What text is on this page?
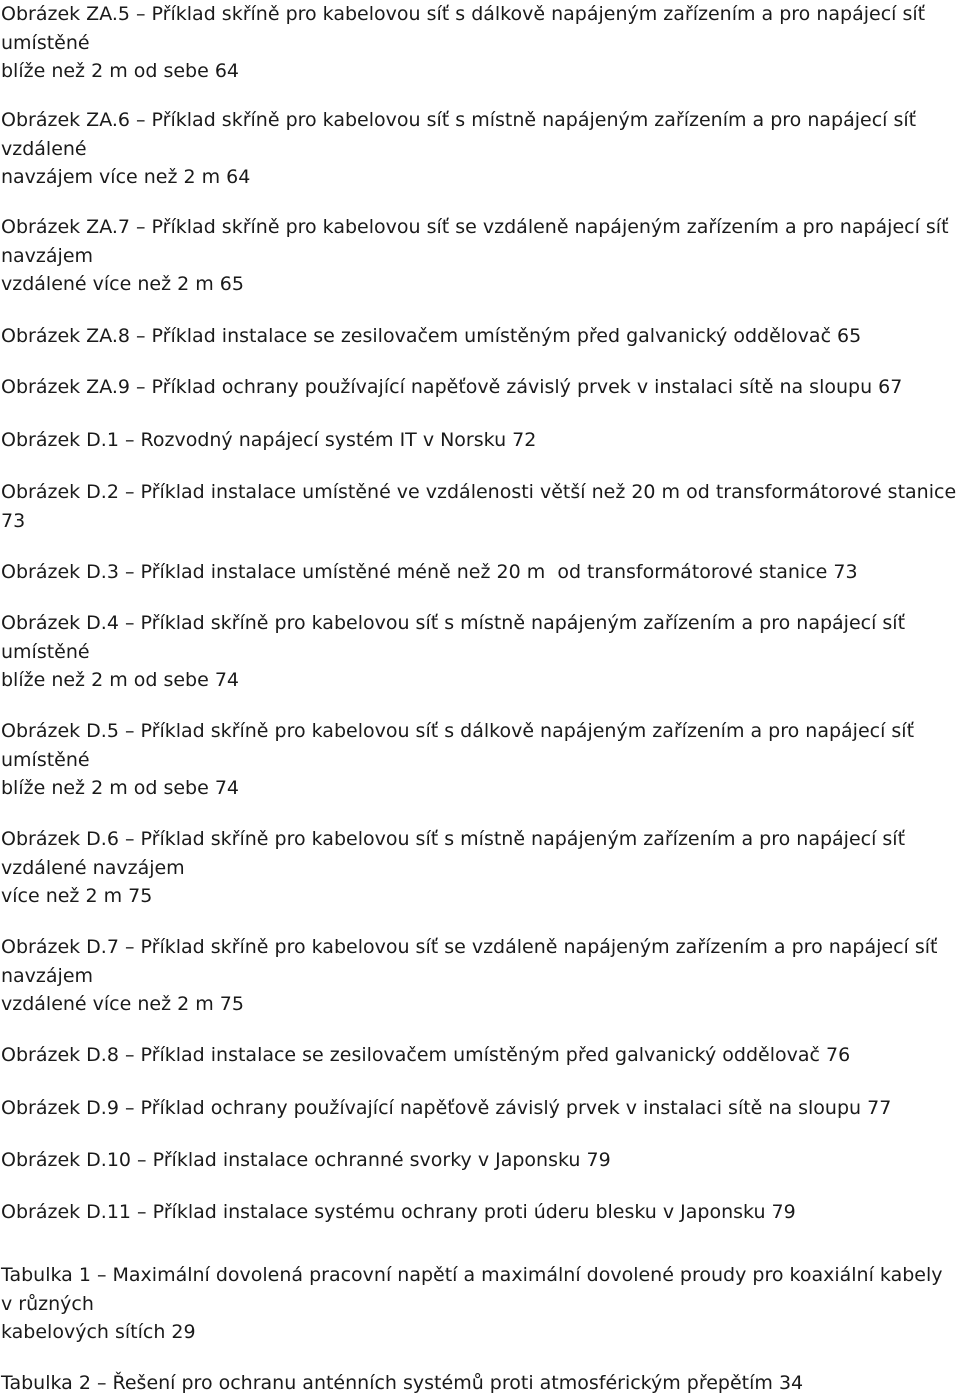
Obrázek ZA.5 – Příklad skříně pro kabelovou síť s dálkově napájeným zařízením a pro napájecí síť
umístěné
blíže než 2 m od sebe 64
Obrázek ZA.6 – Příklad skříně pro kabelovou síť s místně napájeným zařízením a pro napájecí síť
vzdálené
navzájem více než 2 m 64
Obrázek ZA.7 – Příklad skříně pro kabelovou síť se vzdáleně napájeným zařízením a pro napájecí síť
navzájem
vzdálené více než 2 m 65
Obrázek ZA.8 – Příklad instalace se zesilovačem umístěným před galvanický oddělovač 65
Obrázek ZA.9 – Příklad ochrany používající napěťově závislý prvek v instalaci sítě na sloupu 67
Obrázek D.1 – Rozvodný napájecí systém IT v Norsku 72
Obrázek D.2 – Příklad instalace umístěné ve vzdálenosti větší než 20 m od transformátorové stanice
73
Obrázek D.3 – Příklad instalace umístěné méně než 20 m  od transformátorové stanice 73
Obrázek D.4 – Příklad skříně pro kabelovou síť s místně napájeným zařízením a pro napájecí síť
umístěné
blíže než 2 m od sebe 74
Obrázek D.5 – Příklad skříně pro kabelovou síť s dálkově napájeným zařízením a pro napájecí síť
umístěné
blíže než 2 m od sebe 74
Obrázek D.6 – Příklad skříně pro kabelovou síť s místně napájeným zařízením a pro napájecí síť
vzdálené navzájem
více než 2 m 75
Obrázek D.7 – Příklad skříně pro kabelovou síť se vzdáleně napájeným zařízením a pro napájecí síť
navzájem
vzdálené více než 2 m 75
Obrázek D.8 – Příklad instalace se zesilovačem umístěným před galvanický oddělovač 76
Obrázek D.9 – Příklad ochrany používající napěťově závislý prvek v instalaci sítě na sloupu 77
Obrázek D.10 – Příklad instalace ochranné svorky v Japonsku 79
Obrázek D.11 – Příklad instalace systému ochrany proti úderu blesku v Japonsku 79
Tabulka 1 – Maximální dovolená pracovní napětí a maximální dovolené proudy pro koaxiální kabely
v různých
kabelových sítích 29
Tabulka 2 – Řešení pro ochranu anténních systémů proti atmosférickým přepětím 34
